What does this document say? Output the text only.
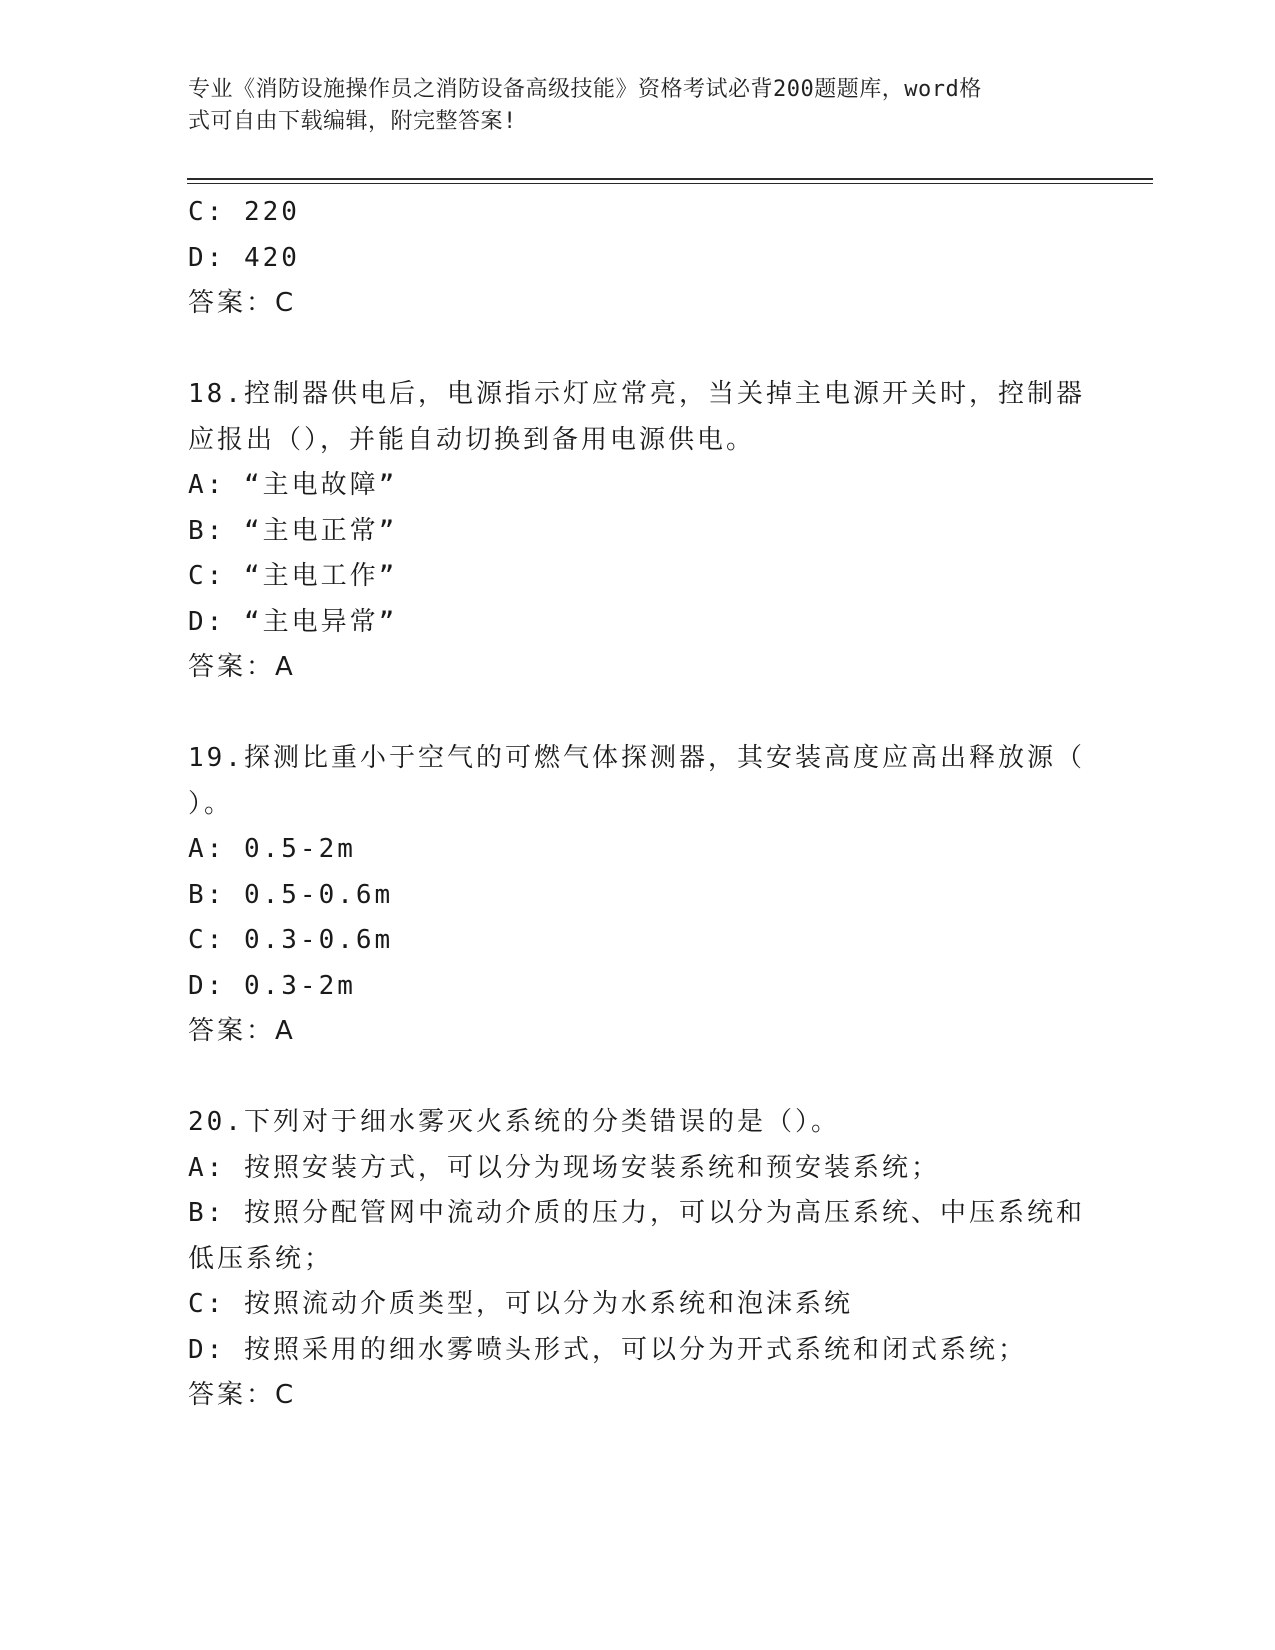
专业《消防设施操作员之消防设备高级技能》资格考试必背200题题库，word格
式可自由下载编辑，附完整答案!

C: 220

D: 420

答案：C

18.控制器供电后，电源指示灯应常亮，当关掉主电源开关时，控制器

应报出（），并能自动切换到备用电源供电。

A: “主电故障”

B: “主电正常”

C: “主电工作”

D: “主电异常”

答案：A

19.探测比重小于空气的可燃气体探测器，其安装高度应高出释放源（

）。

A: 0.5-2m

B: 0.5-0.6m

C: 0.3-0.6m

D: 0.3-2m

答案：A

20.下列对于细水雾灭火系统的分类错误的是（）。

A: 按照安装方式，可以分为现场安装系统和预安装系统；

B: 按照分配管网中流动介质的压力，可以分为高压系统、中压系统和
低压系统；

C: 按照流动介质类型，可以分为水系统和泡沫系统

D: 按照采用的细水雾喷头形式，可以分为开式系统和闭式系统；

答案：C
